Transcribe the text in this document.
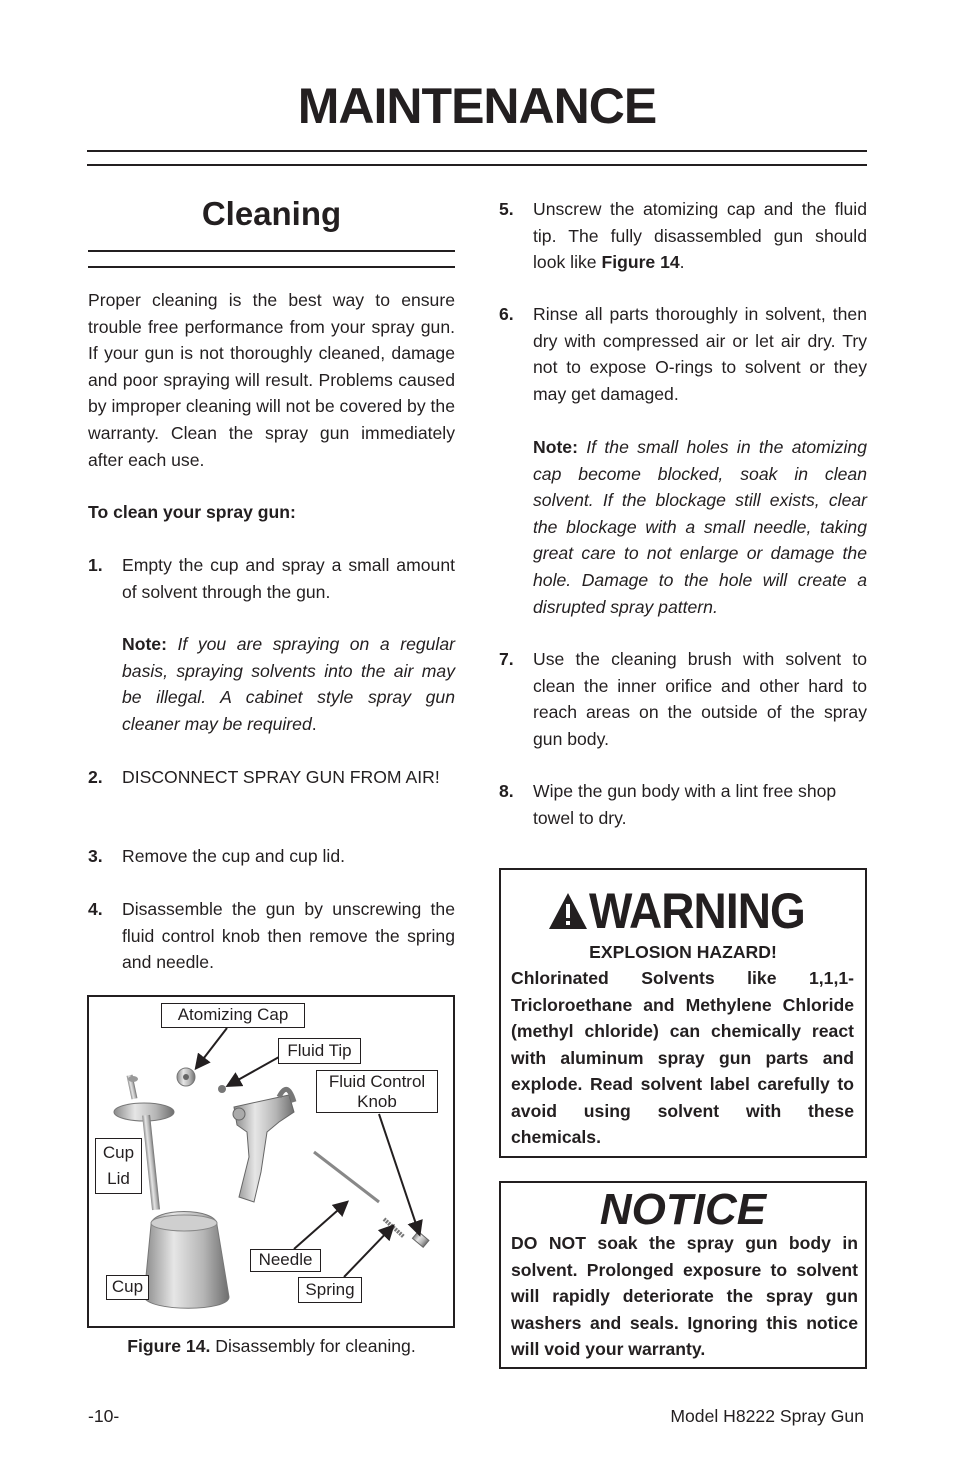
MAINTENANCE
Cleaning
Proper cleaning is the best way to ensure trouble free performance from your spray gun. If your gun is not thoroughly cleaned, damage and poor spraying will result. Problems caused by improper cleaning will not be covered by the warranty. Clean the spray gun immediately after each use.
To clean your spray gun:
1. Empty the cup and spray a small amount of solvent through the gun.
Note: If you are spraying on a regular basis, spraying solvents into the air may be illegal. A cabinet style spray gun cleaner may be required.
2. DISCONNECT SPRAY GUN FROM AIR!
3. Remove the cup and cup lid.
4. Disassemble the gun by unscrewing the fluid control knob then remove the spring and needle.
Atomizing Cap
Fluid Tip
Fluid Control
Knob
Cup
Lid
Needle
Cup	Spring
Figure 14. Disassembly for cleaning.
5. Unscrew the atomizing cap and the fluid tip. The fully disassembled gun should look like Figure 14.
6. Rinse all parts thoroughly in solvent, then dry with compressed air or let air dry. Try not to expose O-rings to solvent or they may get damaged.
Note: If the small holes in the atomizing cap become blocked, soak in clean solvent. If the blockage still exists, clear the blockage with a small needle, taking great care to not enlarge or damage the hole. Damage to the hole will create a disrupted spray pattern.
7. Use the cleaning brush with solvent to clean the inner orifice and other hard to reach areas on the outside of the spray gun body.
8. Wipe the gun body with a lint free shop towel to dry.
WARNING
EXPLOSION HAZARD!
Chlorinated Solvents like 1,1,1-Tricloroethane and Methylene Chloride (methyl chloride) can chemically react with aluminum spray gun parts and explode. Read solvent label carefully to avoid using solvent with these chemicals.
NOTICE
DO NOT soak the spray gun body in solvent. Prolonged exposure to solvent will rapidly deteriorate the spray gun washers and seals. Ignoring this notice will void your warranty.
-10-	Model H8222 Spray Gun
